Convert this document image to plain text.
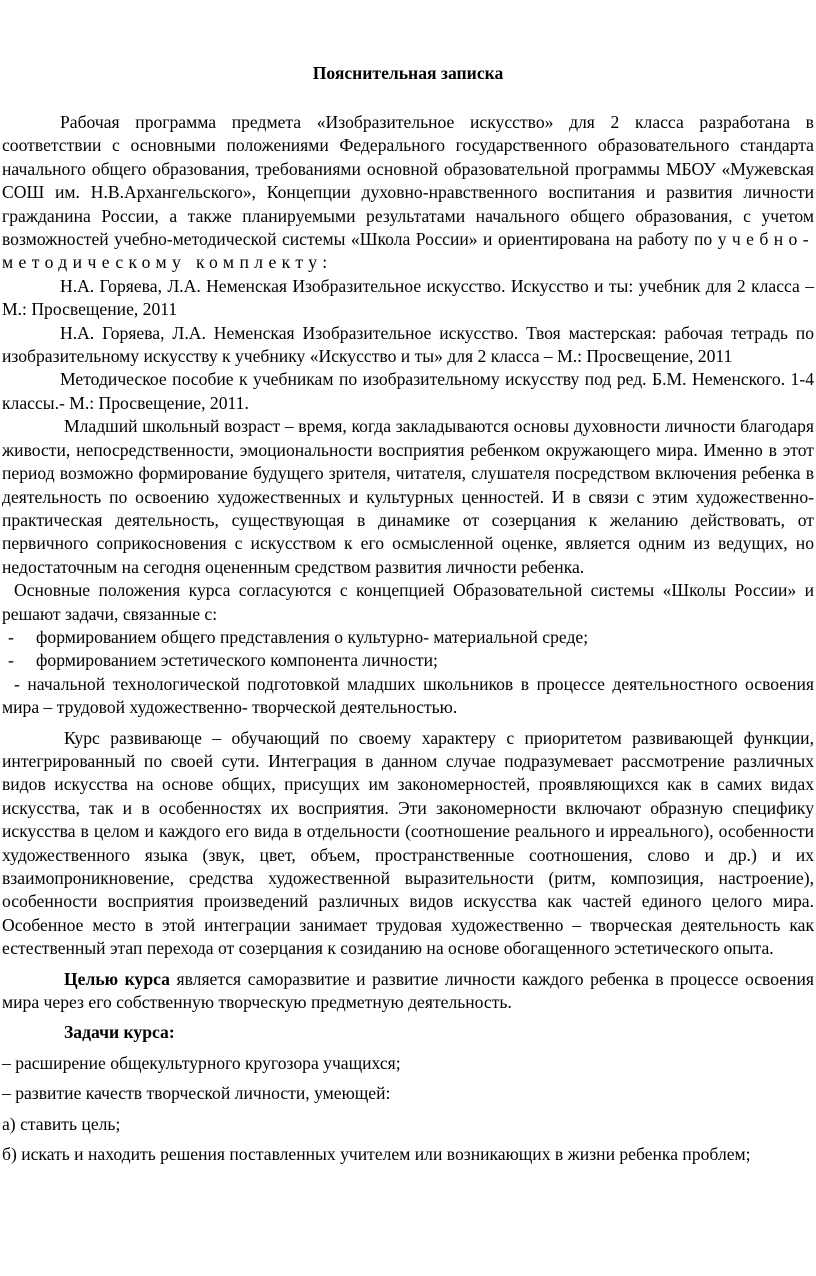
Пояснительная записка

Рабочая программа предмета «Изобразительное искусство» для 2 класса разработана в соответствии с основными положениями Федерального государственного образовательного стандарта начального общего образования, требованиями основной образовательной программы МБОУ «Мужевская СОШ им. Н.В.Архангельского», Концепции духовно-нравственного воспитания и развития личности гражданина России, а также планируемыми результатами начального общего образования, с учетом возможностей учебно-методической системы «Школа России» и ориентирована на работу по учебно-методическому комплекту:

Н.А. Горяева, Л.А. Неменская Изобразительное искусство. Искусство и ты: учебник для 2 класса – М.: Просвещение, 2011

Н.А. Горяева, Л.А. Неменская Изобразительное искусство. Твоя мастерская: рабочая тетрадь по изобразительному искусству к учебнику «Искусство и ты» для 2 класса – М.: Просвещение, 2011

Методическое пособие к учебникам по изобразительному искусству под ред. Б.М. Неменского. 1-4 классы.- М.: Просвещение, 2011.

Младший школьный возраст – время, когда закладываются основы духовности личности благодаря живости, непосредственности, эмоциональности восприятия ребенком окружающего мира. Именно в этот период возможно формирование будущего зрителя, читателя, слушателя посредством включения ребенка в деятельность по освоению художественных и культурных ценностей. И в связи с этим художественно- практическая деятельность, существующая в динамике от созерцания к желанию действовать, от первичного соприкосновения с искусством к его осмысленной оценке, является одним из ведущих, но недостаточным на сегодня оцененным средством развития личности ребенка.

Основные положения курса согласуются с концепцией Образовательной системы «Школы России» и решают задачи, связанные с:

- формированием общего представления о культурно- материальной среде;

- формированием эстетического компонента личности;

- начальной технологической подготовкой младших школьников в процессе деятельностного освоения мира – трудовой художественно- творческой деятельностью.

Курс развивающе – обучающий по своему характеру с приоритетом развивающей функции, интегрированный по своей сути. Интеграция в данном случае подразумевает рассмотрение различных видов искусства на основе общих, присущих им закономерностей, проявляющихся как в самих видах искусства, так и в особенностях их восприятия. Эти закономерности включают образную специфику искусства в целом и каждого его вида в отдельности (соотношение реального и ирреального), особенности художественного языка (звук, цвет, объем, пространственные соотношения, слово и др.) и их взаимопроникновение, средства художественной выразительности (ритм, композиция, настроение), особенности восприятия произведений различных видов искусства как частей единого целого мира. Особенное место в этой интеграции занимает трудовая художественно – творческая деятельность как естественный этап перехода от созерцания к созиданию на основе обогащенного эстетического опыта.

Целью курса является саморазвитие и развитие личности каждого ребенка в процессе освоения мира через его собственную творческую предметную деятельность.

Задачи курса:

– расширение общекультурного кругозора учащихся;

– развитие качеств творческой личности, умеющей:

а) ставить цель;

б) искать и находить решения поставленных учителем или возникающих в жизни ребенка проблем;
